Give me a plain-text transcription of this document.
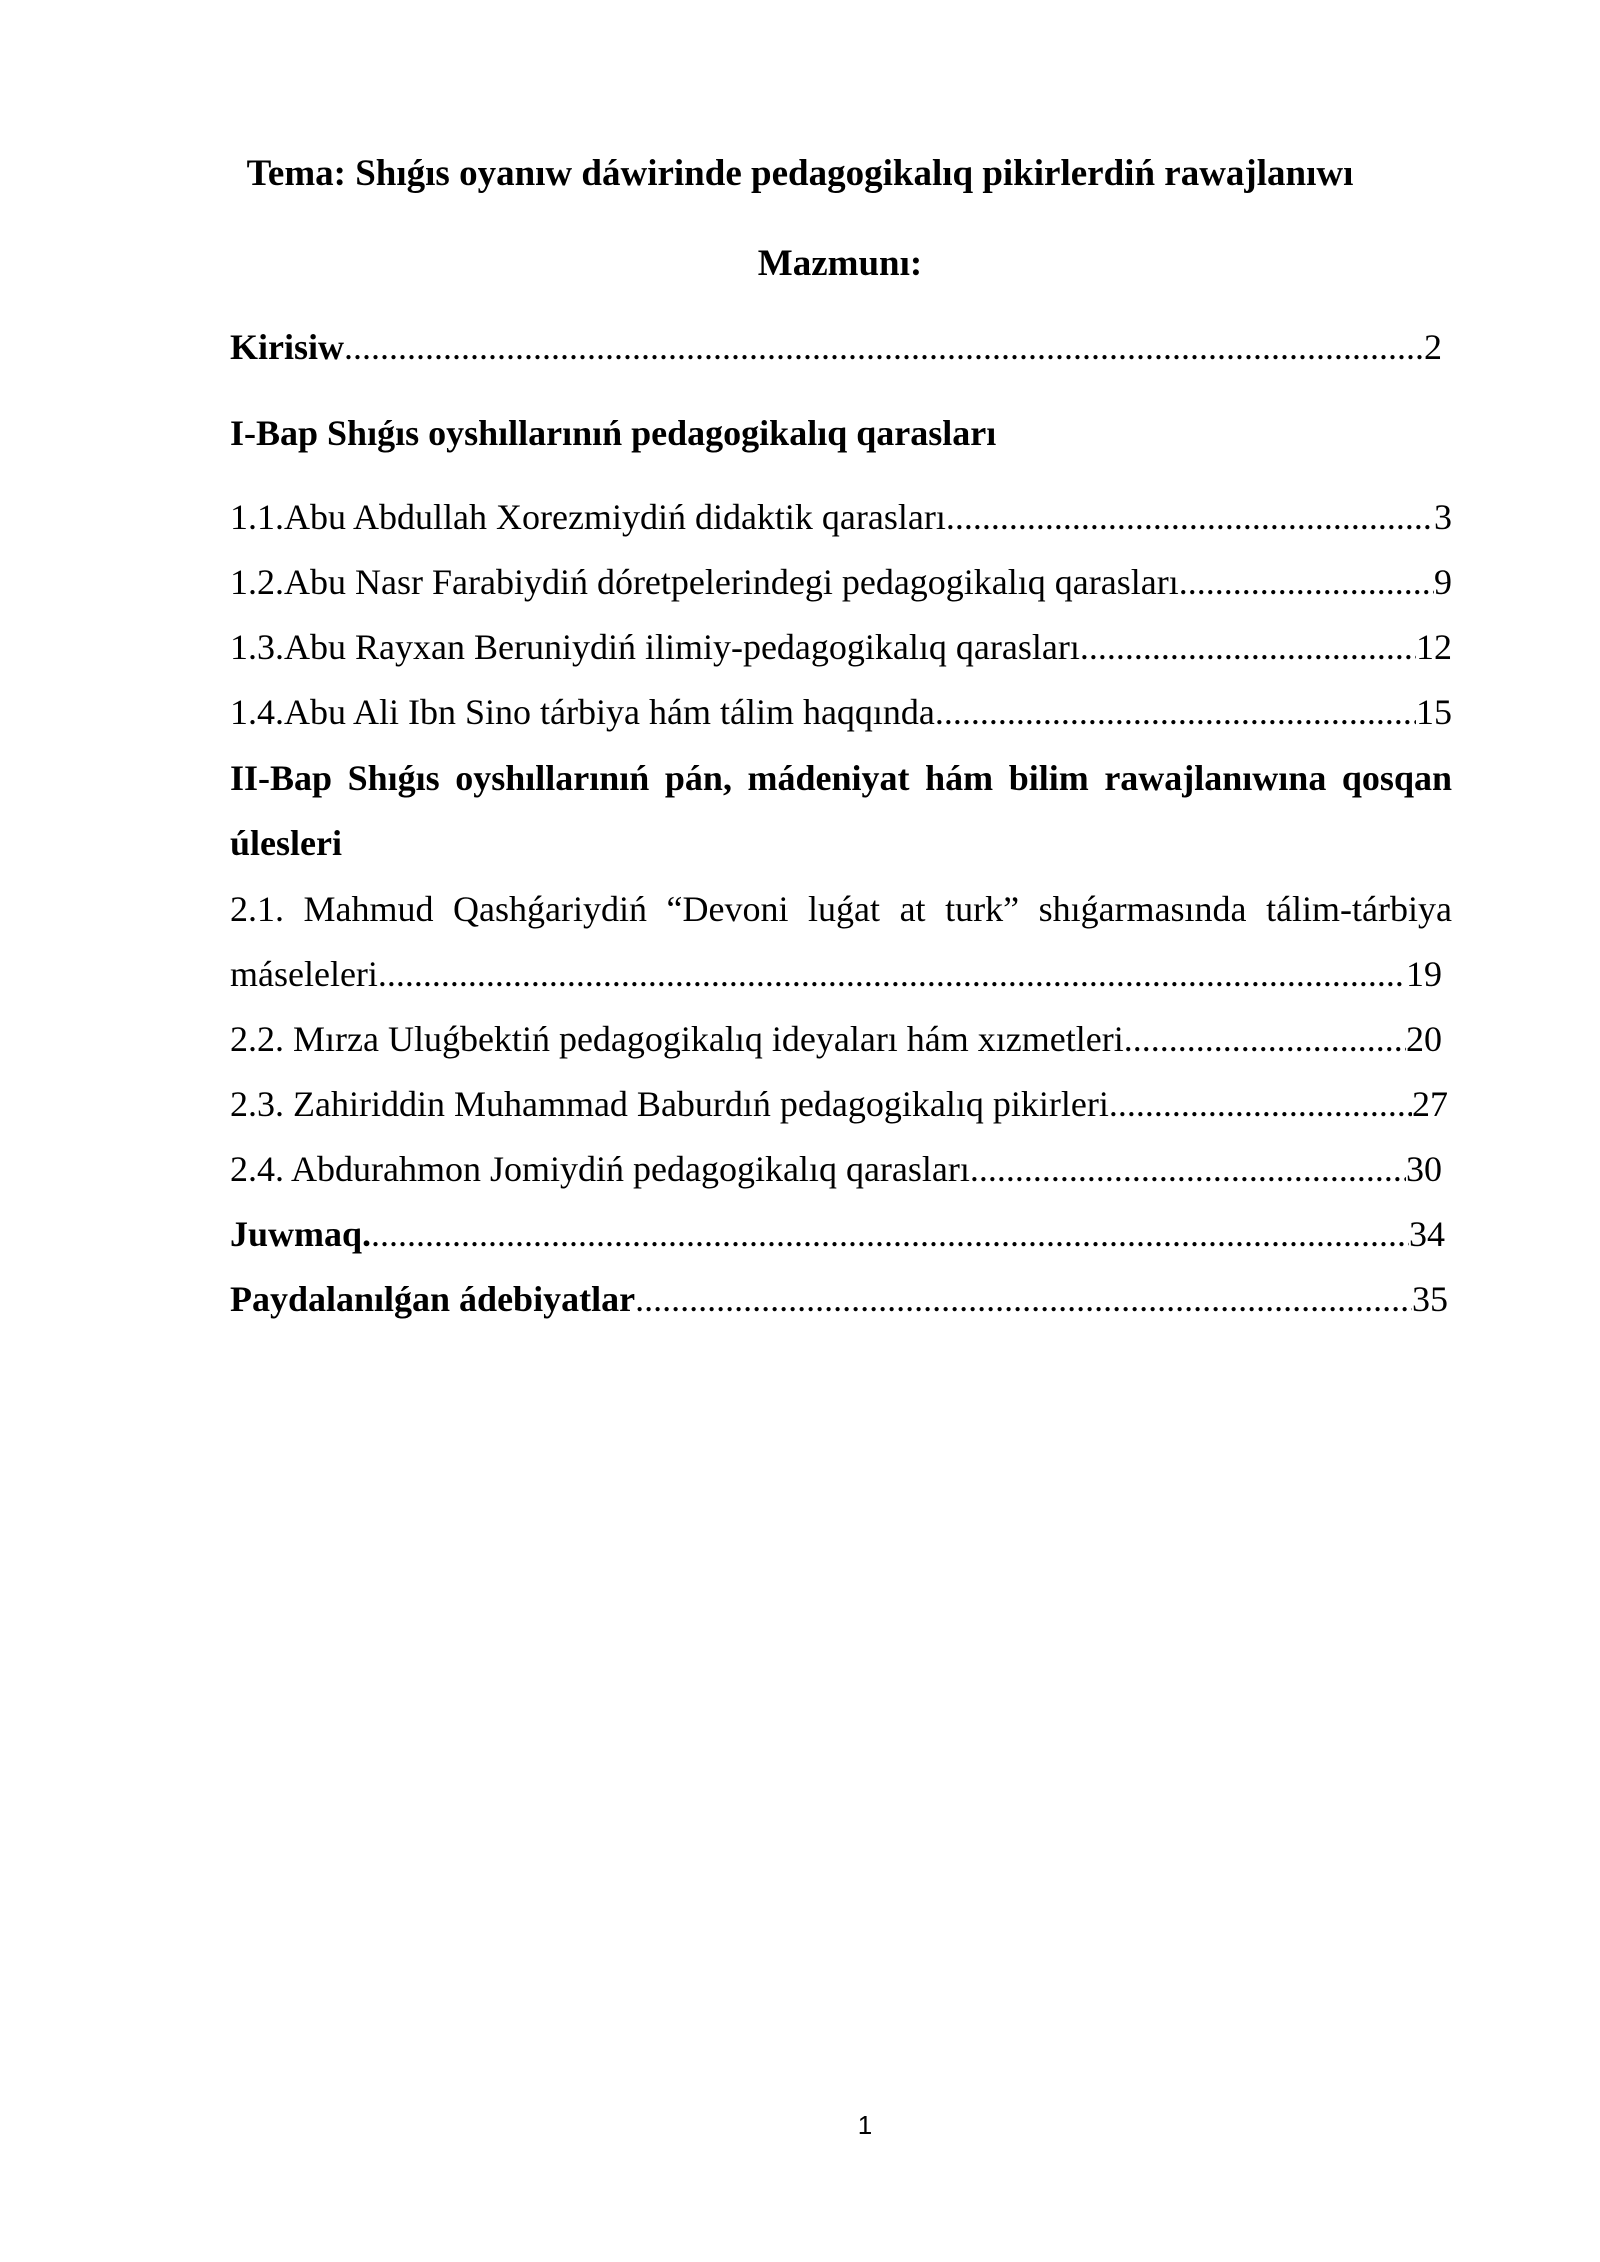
Tema: Shıǵıs oyanıw dáwirinde pedagogikalıq pikirlerdiń rawajlanıwı
Mazmunı:
Kirisiw .....	2
I-Bap Shıǵıs oyshıllarınıń pedagogikalıq qarasları
1.1. Abu Abdullah Xorezmiydiń didaktik qarasları .....	3
1.2. Abu Nasr Farabiydiń dóretpelerindegi pedagogikalıq qarasları .....	9
1.3. Abu Rayxan Beruniydiń ilimiy-pedagogikalıq qarasları .....	12
1.4. Abu Ali Ibn Sino tárbiya hám tálim haqqında .....	15
II-Bap Shıǵıs oyshıllarınıń pán, mádeniyat hám bilim rawajlanıwına qosqan
úlesleri
2.1. Mahmud Qashǵariydiń “Devoni luǵat at turk” shıǵarmasında tálim-tárbiya
máseleleri .....	19
2.2. Mırza Uluǵbektiń pedagogikalıq ideyaları hám xızmetleri .....	20
2.3. Zahiriddin Muhammad Baburdıń pedagogikalıq pikirleri .....	27
2.4. Abdurahmon Jomiydiń pedagogikalıq qarasları .....	30
Juwmaq. .....	34
Paydalanılǵan ádebiyatlar .....	35
1
